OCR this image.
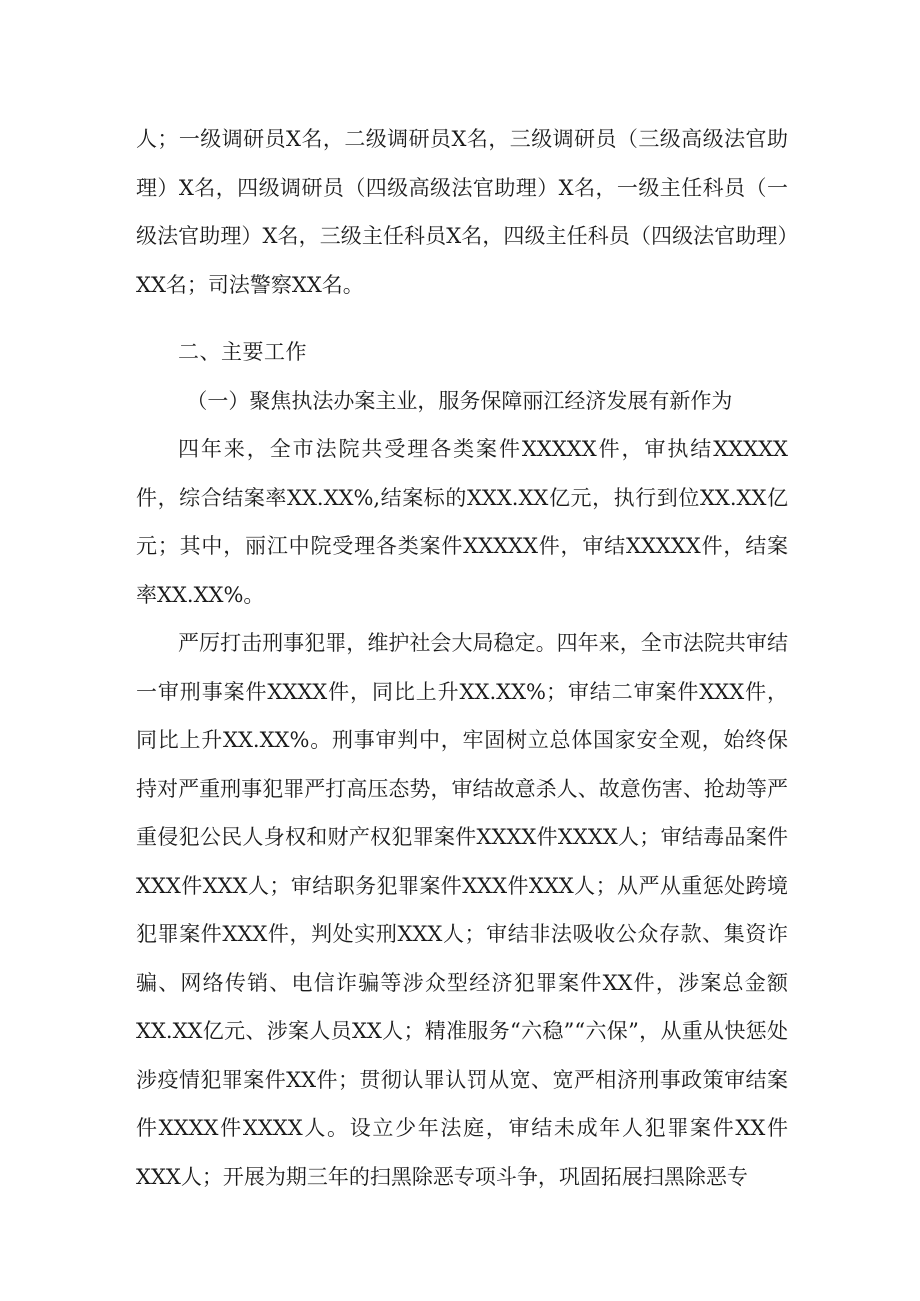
人；一级调研员X名，二级调研员X名，三级调研员（三级高级法官助理）X名，四级调研员（四级高级法官助理）X名，一级主任科员（一级法官助理）X名，三级主任科员X名，四级主任科员（四级法官助理）XX名；司法警察XX名。

二、主要工作

（一）聚焦执法办案主业，服务保障丽江经济发展有新作为

四年来，全市法院共受理各类案件XXXXX件，审执结XXXXX件，综合结案率XX.XX%,结案标的XXX.XX亿元，执行到位XX.XX亿元；其中，丽江中院受理各类案件XXXXX件，审结XXXXX件，结案率XX.XX%。

严厉打击刑事犯罪，维护社会大局稳定。四年来，全市法院共审结一审刑事案件XXXX件，同比上升XX.XX%；审结二审案件XXX件，同比上升XX.XX%。刑事审判中，牢固树立总体国家安全观，始终保持对严重刑事犯罪严打高压态势，审结故意杀人、故意伤害、抢劫等严重侵犯公民人身权和财产权犯罪案件XXXX件XXXX人；审结毒品案件XXX件XXX人；审结职务犯罪案件XXX件XXX人；从严从重惩处跨境犯罪案件XXX件，判处实刑XXX人；审结非法吸收公众存款、集资诈骗、网络传销、电信诈骗等涉众型经济犯罪案件XX件，涉案总金额XX.XX亿元、涉案人员XX人；精准服务“六稳”“六保”，从重从快惩处涉疫情犯罪案件XX件；贯彻认罪认罚从宽、宽严相济刑事政策审结案件XXXX件XXXX人。设立少年法庭，审结未成年人犯罪案件XX件XXX人；开展为期三年的扫黑除恶专项斗争，巩固拓展扫黑除恶专
